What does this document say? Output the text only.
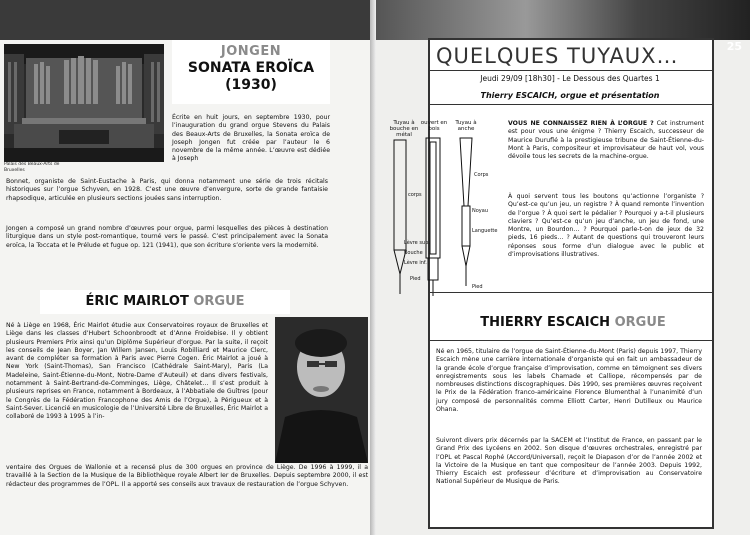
Palais des Beaux-Arts de Bruxelles
JONGEN
SONATA EROÏCA
(1930)
Écrite en huit jours, en septembre 1930, pour l’inauguration du grand orgue Stevens du Palais des Beaux-Arts de Bruxelles, la Sonata eroïca de Joseph Jongen fut créée par l’auteur le 6 novembre de la même année. L’œuvre est dédiée à Joseph
Bonnet, organiste de Saint-Eustache à Paris, qui donna notamment une série de trois récitals historiques sur l’orgue Schyven, en 1928. C’est une œuvre d’envergure, sorte de grande fantaisie rhapsodique, articulée en plusieurs sections jouées sans interruption.
Jongen a composé un grand nombre d’œuvres pour orgue, parmi lesquelles des pièces à destination liturgique dans un style post-romantique, tourné vers le passé. C’est principalement avec la Sonata eroïca, la Toccata et le Prélude et fugue op. 121 (1941), que son écriture s’oriente vers la modernité.
ÉRIC MAIRLOT ORGUE
Né à Liège en 1968, Éric Mairlot étudie aux Conservatoires royaux de Bruxelles et Liège dans les classes d’Hubert Schoonbroodt et d’Anne Froidebise. Il y obtient plusieurs Premiers Prix ainsi qu’un Diplôme Supérieur d’orgue. Par la suite, il reçoit les conseils de Jean Boyer, Jan Willem Jansen, Louis Robilliard et Maurice Clerc, avant de compléter sa formation à Paris avec Pierre Cogen. Éric Mairlot a joué à New York (Saint-Thomas), San Francisco (Cathédrale Saint-Mary), Paris (La Madeleine, Saint-Étienne-du-Mont, Notre-Dame d’Auteuil) et dans divers festivals, notamment à Saint-Bertrand-de-Comminges, Liège, Châtelet… Il s’est produit à plusieurs reprises en France, notamment à Bordeaux, à l’Abbatiale de Guîtres (pour le Congrès de la Fédération Francophone des Amis de l’Orgue), à Périgueux et à Saint-Sever. Licencié en musicologie de l’Université Libre de Bruxelles, Éric Mairlot a collaboré de 1993 à 1995 à l’in-
ventaire des Orgues de Wallonie et a recensé plus de 300 orgues en province de Liège. De 1996 à 1999, il a travaillé à la Section de la Musique de la Bibliothèque royale Albert Ier de Bruxelles. Depuis septembre 2000, il est rédacteur des programmes de l’OPL. Il a apporté ses conseils aux travaux de restauration de l’orgue Schyven.
25
QUELQUES TUYAUX…
Jeudi 29/09 [18h30] - Le Dessous des Quartes 1
Thierry ESCAICH, orgue et présentation
Tuyau à bouche en métal
ouvert en bois
Tuyau à anche
corps
Lèvre sup.
Bouche
Lèvre inf.
Pied
Corps
Noyau
Languette
Pied
VOUS NE CONNAISSEZ RIEN À L’ORGUE ? Cet instrument est pour vous une énigme ? Thierry Escaich, successeur de Maurice Duruflé à la prestigieuse tribune de Saint-Étienne-du-Mont à Paris, compositeur et improvisateur de haut vol, vous dévoile tous les secrets de la machine-orgue.
À quoi servent tous les boutons qu’actionne l’organiste ? Qu’est-ce qu’un jeu, un registre ? À quand remonte l’invention de l’orgue ? À quoi sert le pédalier ? Pourquoi y a-t-il plusieurs claviers ? Qu’est-ce qu’un jeu d’anche, un jeu de fond, une Montre, un Bourdon… ? Pourquoi parle-t-on de jeux de 32 pieds, 16 pieds… ? Autant de questions qui trouveront leurs réponses sous forme d’un dialogue avec le public et d’improvisations illustratives.
THIERRY ESCAICH ORGUE
Né en 1965, titulaire de l’orgue de Saint-Étienne-du-Mont (Paris) depuis 1997, Thierry Escaich mène une carrière internationale d’organiste qui en fait un ambassadeur de la grande école d’orgue française d’improvisation, comme en témoignent ses divers enregistrements sous les labels Chamade et Calliope, récompensés par de nombreuses distinctions discographiques. Dès 1990, ses premières œuvres reçoivent le Prix de la Fédération franco-américaine Florence Blumenthal à l’unanimité d’un jury composé de personnalités comme Elliott Carter, Henri Dutilleux ou Maurice Ohana.
Suivront divers prix décernés par la SACEM et l’Institut de France, en passant par le Grand Prix des Lycéens en 2002. Son disque d’œuvres orchestrales, enregistré par l’OPL et Pascal Rophé (Accord/Universal), reçoit le Diapason d’or de l’année 2002 et la Victoire de la Musique en tant que compositeur de l’année 2003. Depuis 1992, Thierry Escaich est professeur d’écriture et d’improvisation au Conservatoire National Supérieur de Musique de Paris.
